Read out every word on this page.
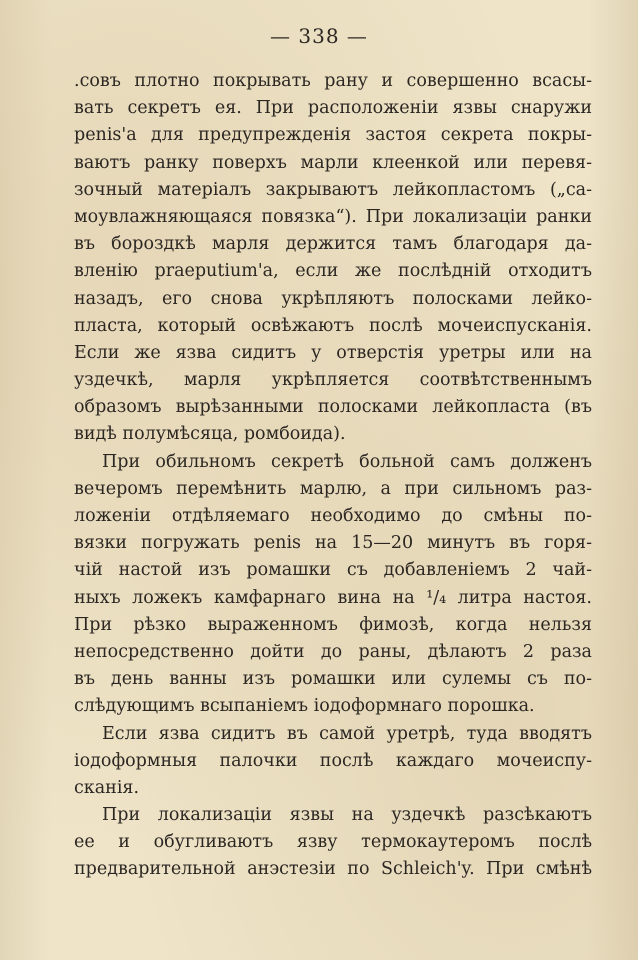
— 338 —
.совъ плотно покрывать рану и совершенно всасы-
вать секретъ ея. При расположенiи язвы снаружи
penis'a для предупрежденiя застоя секрета покры-
ваютъ ранку поверхъ марли клеенкой или перевя-
зочный матерiалъ закрываютъ лейкопластомъ („са-
моувлажняющаяся повязка“). При локализацiи ранки
въ бороздкѣ марля держится тамъ благодаря да-
вленiю praeputium'a, если же послѣднiй отходитъ
назадъ, его снова укрѣпляютъ полосками лейко-
пласта, который освѣжаютъ послѣ мочеиспусканiя.
Если же язва сидитъ у отверстiя уретры или на
уздечкѣ, марля укрѣпляется соотвѣтственнымъ
образомъ вырѣзанными полосками лейкопласта (въ
видѣ полумѣсяца, ромбоида).
При обильномъ секретѣ больной самъ долженъ
вечеромъ перемѣнить марлю, а при сильномъ раз-
ложенiи отдѣляемаго необходимо до смѣны по-
вязки погружать penis на 15—20 минутъ въ горя-
чiй настой изъ ромашки съ добавленiемъ 2 чай-
ныхъ ложекъ камфарнаго вина на ¹/₄ литра настоя.
При рѣзко выраженномъ фимозѣ, когда нельзя
непосредственно дойти до раны, дѣлаютъ 2 раза
въ день ванны изъ ромашки или сулемы съ по-
слѣдующимъ всыпанiемъ iодоформнаго порошка.
Если язва сидитъ въ самой уретрѣ, туда вводятъ
iодоформныя палочки послѣ каждаго мочеиспу-
сканiя.
При локализацiи язвы на уздечкѣ разсѣкаютъ
ее и обугливаютъ язву термокаутеромъ послѣ
предварительной анэстезiи по Schleich'y. При смѣнѣ
